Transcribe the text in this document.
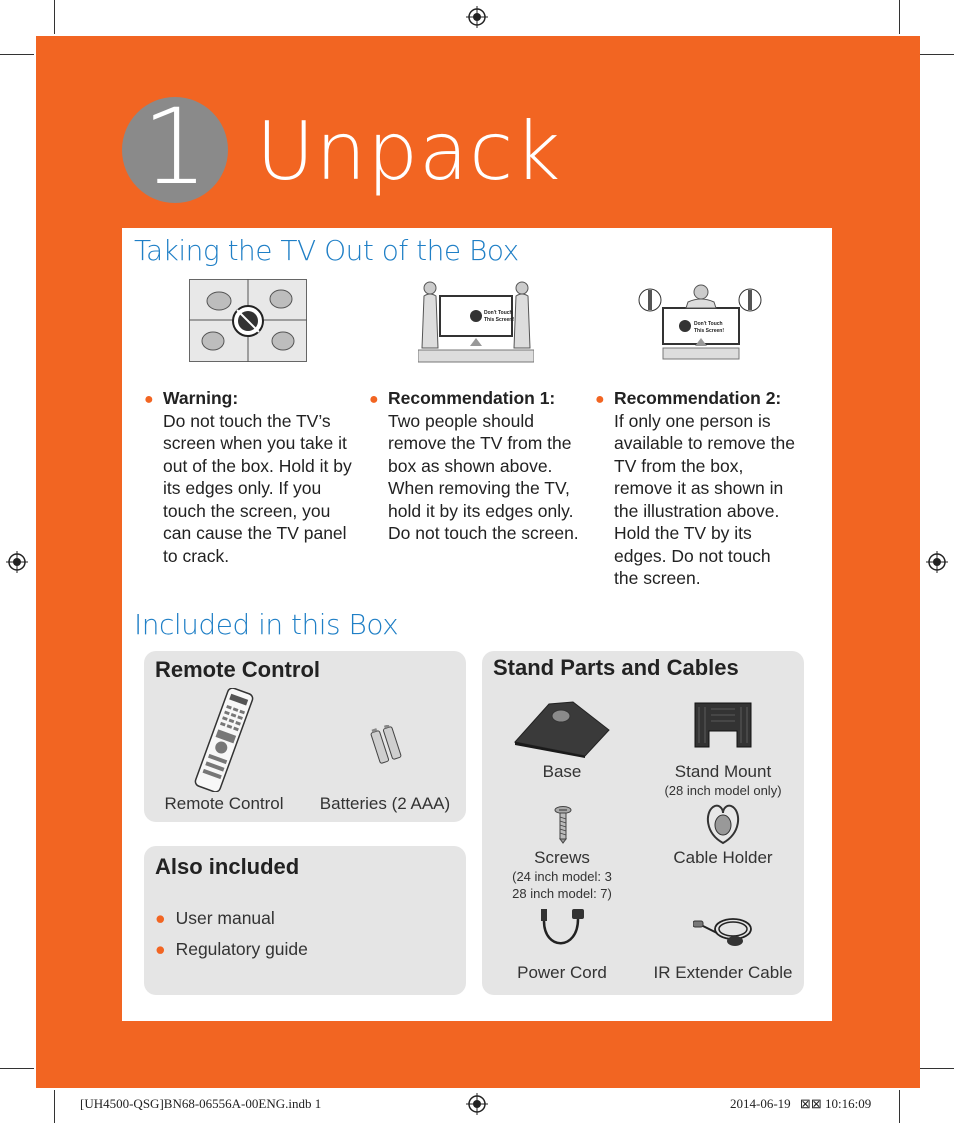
1 Unpack
Taking the TV Out of the Box
Don't Touch
This Screen!
Don't Touch
This Screen!
● Warning:
Do not touch the TV’s screen when you take it out of the box. Hold it by its edges only. If you touch the screen, you can cause the TV panel to crack.
● Recommendation 1:
Two people should remove the TV from the box as shown above. When removing the TV, hold it by its edges only. Do not touch the screen.
● Recommendation 2:
If only one person is available to remove the TV from the box, remove it as shown in the illustration above. Hold the TV by its edges. Do not touch the screen.
Included in this Box
Remote Control
Remote Control	Batteries (2 AAA)
Also included
● User manual
● Regulatory guide
Stand Parts and Cables
Base	Stand Mount
(28 inch model only)
Screws
(24 inch model: 3
28 inch model: 7)
Cable Holder
Power Cord	IR Extender Cable
[UH4500-QSG]BN68-06556A-00ENG.indb 1	2014-06-19 ⊠⊠ 10:16:09
